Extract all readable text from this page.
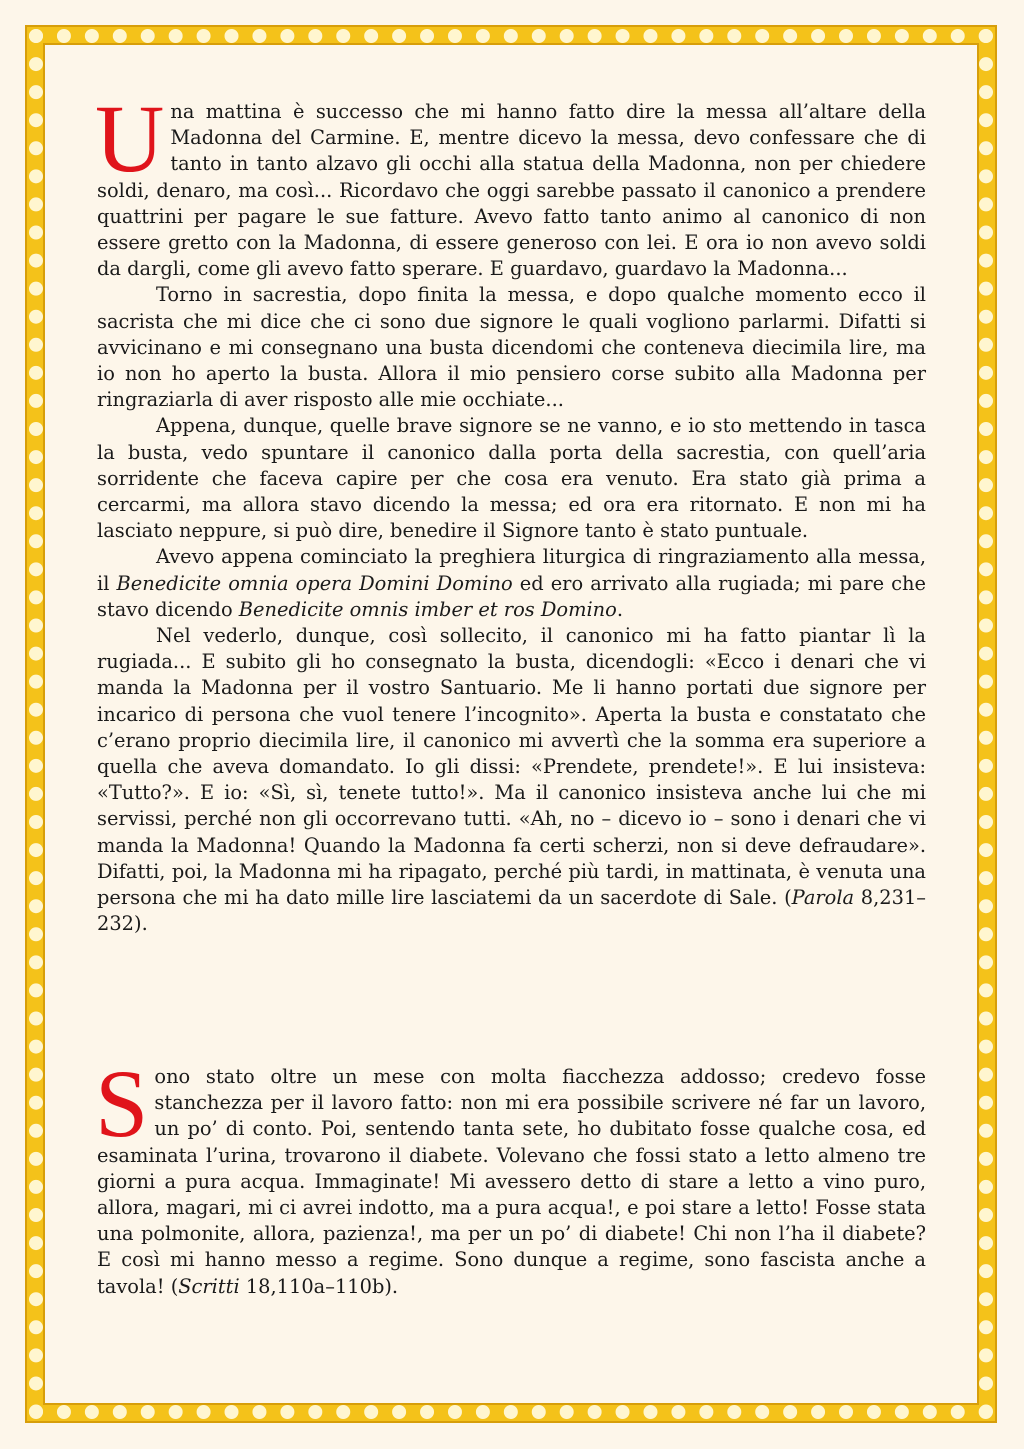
Una mattina è successo che mi hanno fatto dire la messa all’altare della Madonna del Carmine. E, mentre dicevo la messa, devo confessare che di tanto in tanto alzavo gli occhi alla statua della Madonna, non per chiedere soldi, denaro, ma così... Ricordavo che oggi sarebbe passato il canonico a prendere quattrini per pagare le sue fatture. Avevo fatto tanto animo al canonico di non essere gretto con la Madonna, di essere generoso con lei. E ora io non avevo soldi da dargli, come gli avevo fatto sperare. E guardavo, guardavo la Madonna...

Torno in sacrestia, dopo finita la messa, e dopo qualche momento ecco il sacrista che mi dice che ci sono due signore le quali vogliono parlarmi. Difatti si avvicinano e mi consegnano una busta dicendomi che conteneva diecimila lire, ma io non ho aperto la busta. Allora il mio pensiero corse subito alla Madonna per ringraziarla di aver risposto alle mie occhiate...

Appena, dunque, quelle brave signore se ne vanno, e io sto mettendo in tasca la busta, vedo spuntare il canonico dalla porta della sacrestia, con quell’aria sorridente che faceva capire per che cosa era venuto. Era stato già prima a cercarmi, ma allora stavo dicendo la messa; ed ora era ritornato. E non mi ha lasciato neppure, si può dire, benedire il Signore tanto è stato puntuale.

Avevo appena cominciato la preghiera liturgica di ringraziamento alla messa, il Benedicite omnia opera Domini Domino ed ero arrivato alla rugiada; mi pare che stavo dicendo Benedicite omnis imber et ros Domino.

Nel vederlo, dunque, così sollecito, il canonico mi ha fatto piantar lì la rugiada... E subito gli ho consegnato la busta, dicendogli: «Ecco i denari che vi manda la Madonna per il vostro Santuario. Me li hanno portati due signore per incarico di persona che vuol tenere l’incognito». Aperta la busta e constatato che c’erano proprio diecimila lire, il canonico mi avvertì che la somma era superiore a quella che aveva domandato. Io gli dissi: «Prendete, prendete!». E lui insisteva: «Tutto?». E io: «Sì, sì, tenete tutto!». Ma il canonico insisteva anche lui che mi servissi, perché non gli occorrevano tutti. «Ah, no – dicevo io – sono i denari che vi manda la Madonna! Quando la Madonna fa certi scherzi, non si deve defraudare». Difatti, poi, la Madonna mi ha ripagato, perché più tardi, in mattinata, è venuta una persona che mi ha dato mille lire lasciatemi da un sacerdote di Sale. (Parola 8,231–232).

Sono stato oltre un mese con molta fiacchezza addosso; credevo fosse stanchezza per il lavoro fatto: non mi era possibile scrivere né far un lavoro, un po’ di conto. Poi, sentendo tanta sete, ho dubitato fosse qualche cosa, ed esaminata l’urina, trovarono il diabete. Volevano che fossi stato a letto almeno tre giorni a pura acqua. Immaginate! Mi avessero detto di stare a letto a vino puro, allora, magari, mi ci avrei indotto, ma a pura acqua!, e poi stare a letto! Fosse stata una polmonite, allora, pazienza!, ma per un po’ di diabete! Chi non l’ha il diabete? E così mi hanno messo a regime. Sono dunque a regime, sono fascista anche a tavola! (Scritti 18,110a–110b).
